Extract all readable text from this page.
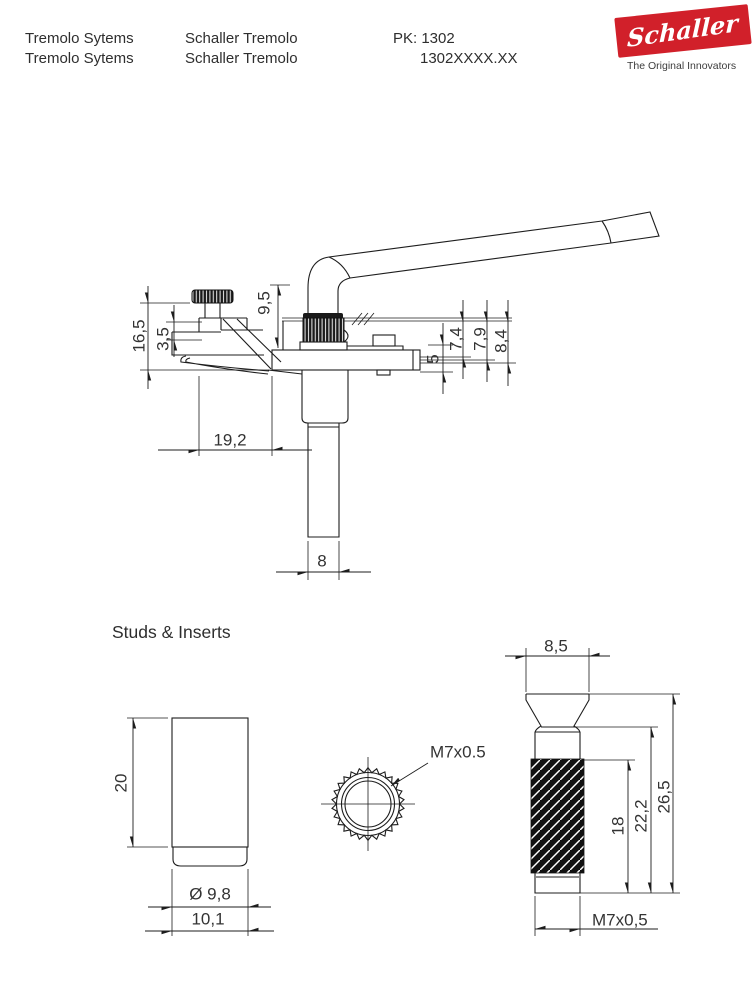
Tremolo Sytems
Tremolo Sytems
Schaller Tremolo
Schaller Tremolo
PK: 1302
1302XXXX.XX
Schaller
The Original Innovators
16,5 3,5
9,5
7,4 7,9 8,4
5
19,2
8
Studs & Inserts
20
Ø 9,8
10,1
M7x0.5
8,5
18 22,2
26,5
M7x0,5
